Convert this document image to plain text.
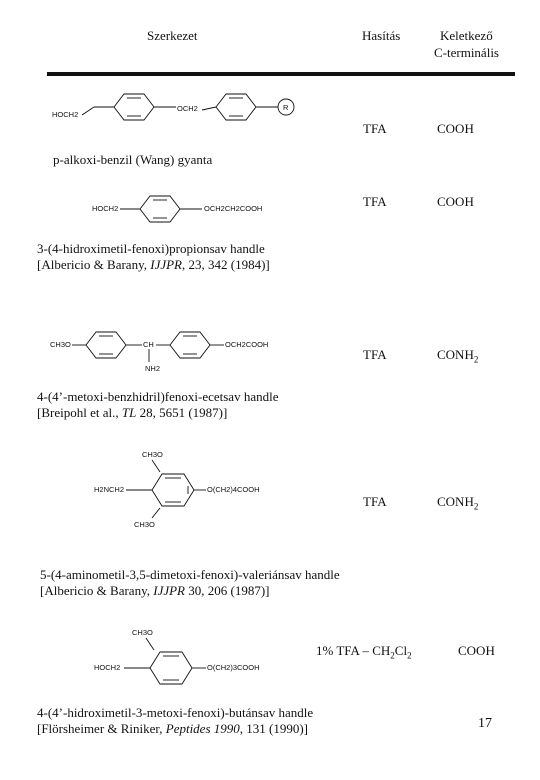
Szerkezet	Hasítás	Keletkező
C-terminális
HOCH2
OCH2	R
TFA	COOH
p-alkoxi-benzil (Wang) gyanta
HOCH2	OCH2CH2COOH	TFA	COOH
3-(4-hidroximetil-fenoxi)propionsav handle
[Albericio & Barany, IJJPR, 23, 342 (1984)]
CH3O	CH
NH2
OCH2COOH
TFA	$CONH_2$
4-(4’-metoxi-benzhidril)fenoxi-ecetsav handle
[Breipohl et al., TL 28, 5651 (1987)]
CH3O
H2NCH2
CH3O
O(CH2)4COOH
TFA	$CONH_2$
5-(4-aminometil-3,5-dimetoxi-fenoxi)-valeriánsav handle
[Albericio & Barany, IJJPR 30, 206 (1987)]
CH3O
HOCH2	O(CH2)3COOH
1% TFA – $CH_2Cl_2$	COOH
4-(4’-hidroximetil-3-metoxi-fenoxi)-butánsav handle
[Flörsheimer & Riniker, Peptides 1990, 131 (1990)]	17
